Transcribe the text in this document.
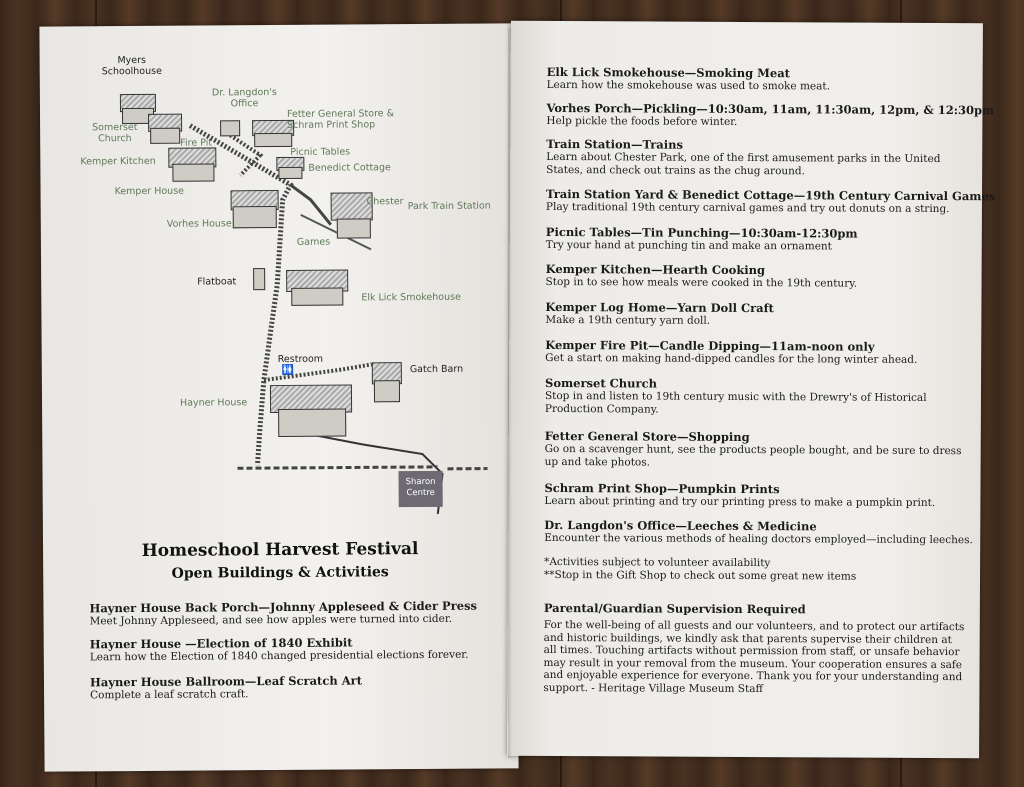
🚻
Myers
Schoolhouse
Somerset
Church
Dr. Langdon's
Office
Fetter General Store &
Schram Print Shop
Fire Pit
Kemper Kitchen
Picnic Tables
Benedict Cottage
Kemper House
Chester Park Train Station
Vorhes House
Games
Flatboat
Elk Lick Smokehouse
Restroom
Gatch Barn
Hayner House
Sharon
Centre
Homeschool Harvest Festival
Open Buildings & Activities
Hayner House Back Porch—Johnny Appleseed & Cider Press
Meet Johnny Appleseed, and see how apples were turned into cider.
Hayner House —Election of 1840 Exhibit
Learn how the Election of 1840 changed presidential elections forever.
Hayner House Ballroom—Leaf Scratch Art
Complete a leaf scratch craft.
Elk Lick Smokehouse—Smoking Meat
Learn how the smokehouse was used to smoke meat.
Vorhes Porch—Pickling—10:30am, 11am, 11:30am, 12pm, & 12:30pm
Help pickle the foods before winter.
Train Station—Trains
Learn about Chester Park, one of the first amusement parks in the United States, and check out trains as the chug around.
Train Station Yard & Benedict Cottage—19th Century Carnival Games
Play traditional 19th century carnival games and try out donuts on a string.
Picnic Tables—Tin Punching—10:30am-12:30pm
Try your hand at punching tin and make an ornament
Kemper Kitchen—Hearth Cooking
Stop in to see how meals were cooked in the 19th century.
Kemper Log Home—Yarn Doll Craft
Make a 19th century yarn doll.
Kemper Fire Pit—Candle Dipping—11am-noon only
Get a start on making hand-dipped candles for the long winter ahead.
Somerset Church
Stop in and listen to 19th century music with the Drewry's of Historical Production Company.
Fetter General Store—Shopping
Go on a scavenger hunt, see the products people bought, and be sure to dress up and take photos.
Schram Print Shop—Pumpkin Prints
Learn about printing and try our printing press to make a pumpkin print.
Dr. Langdon's Office—Leeches & Medicine
Encounter the various methods of healing doctors employed—including leeches.
*Activities subject to volunteer availability
**Stop in the Gift Shop to check out some great new items
Parental/Guardian Supervision Required
For the well-being of all guests and our volunteers, and to protect our artifacts and historic buildings, we kindly ask that parents supervise their children at all times. Touching artifacts without permission from staff, or unsafe behavior may result in your removal from the museum. Your cooperation ensures a safe and enjoyable experience for everyone. Thank you for your understanding and support. - Heritage Village Museum Staff
